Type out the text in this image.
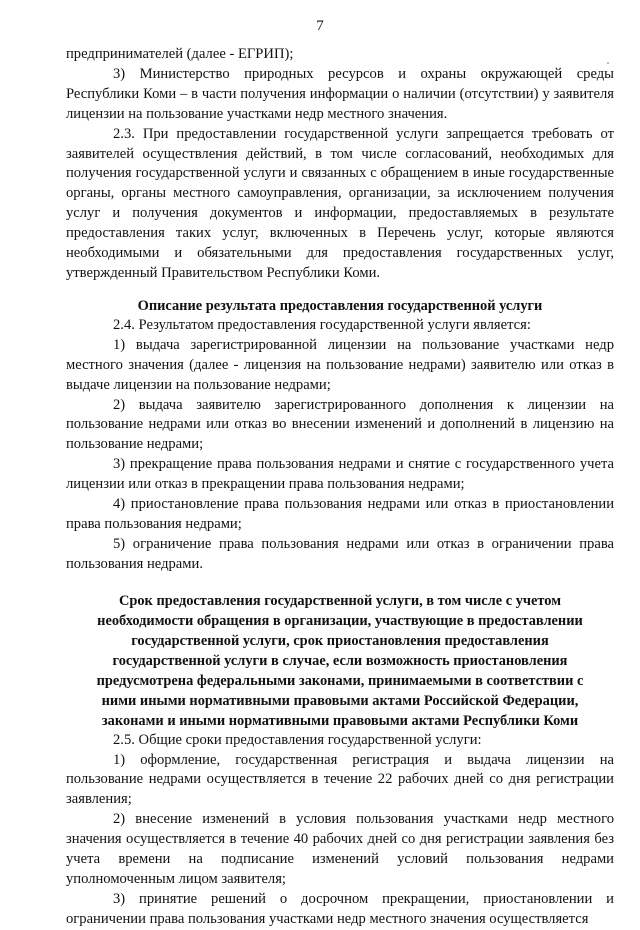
7

предпринимателей (далее - ЕГРИП);

3) Министерство природных ресурсов и охраны окружающей среды Республики Коми – в части получения информации о наличии (отсутствии) у заявителя лицензии на пользование участками недр местного значения.

2.3. При предоставлении государственной услуги запрещается требовать от заявителей осуществления действий, в том числе согласований, необходимых для получения государственной услуги и связанных с обращением в иные государственные органы, органы местного самоуправления, организации, за исключением получения услуг и получения документов и информации, предоставляемых в результате предоставления таких услуг, включенных в Перечень услуг, которые являются необходимыми и обязательными для предоставления государственных услуг, утвержденный Правительством Республики Коми.

Описание результата предоставления государственной услуги

2.4. Результатом предоставления государственной услуги является:

1) выдача зарегистрированной лицензии на пользование участками недр местного значения (далее - лицензия на пользование недрами) заявителю или отказ в выдаче лицензии на пользование недрами;

2) выдача заявителю зарегистрированного дополнения к лицензии на пользование недрами или отказ во внесении изменений и дополнений в лицензию на пользование недрами;

3) прекращение права пользования недрами и снятие с государственного учета лицензии или отказ в прекращении права пользования недрами;

4) приостановление права пользования недрами или отказ в приостановлении права пользования недрами;

5) ограничение права пользования недрами или отказ в ограничении права пользования недрами.

Срок предоставления государственной услуги, в том числе с учетом

необходимости обращения в организации, участвующие в предоставлении

государственной услуги, срок приостановления предоставления

государственной услуги в случае, если возможность приостановления

предусмотрена федеральными законами, принимаемыми в соответствии с

ними иными нормативными правовыми актами Российской Федерации,

законами и иными нормативными правовыми актами Республики Коми

2.5. Общие сроки предоставления государственной услуги:

1) оформление, государственная регистрация и выдача лицензии на пользование недрами осуществляется в течение 22 рабочих дней со дня регистрации заявления;

2) внесение изменений в условия пользования участками недр местного значения осуществляется в течение 40 рабочих дней со дня регистрации заявления без учета времени на подписание изменений условий пользования недрами уполномоченным лицом заявителя;

3) принятие решений о досрочном прекращении, приостановлении и ограничении права пользования участками недр местного значения осуществляется
